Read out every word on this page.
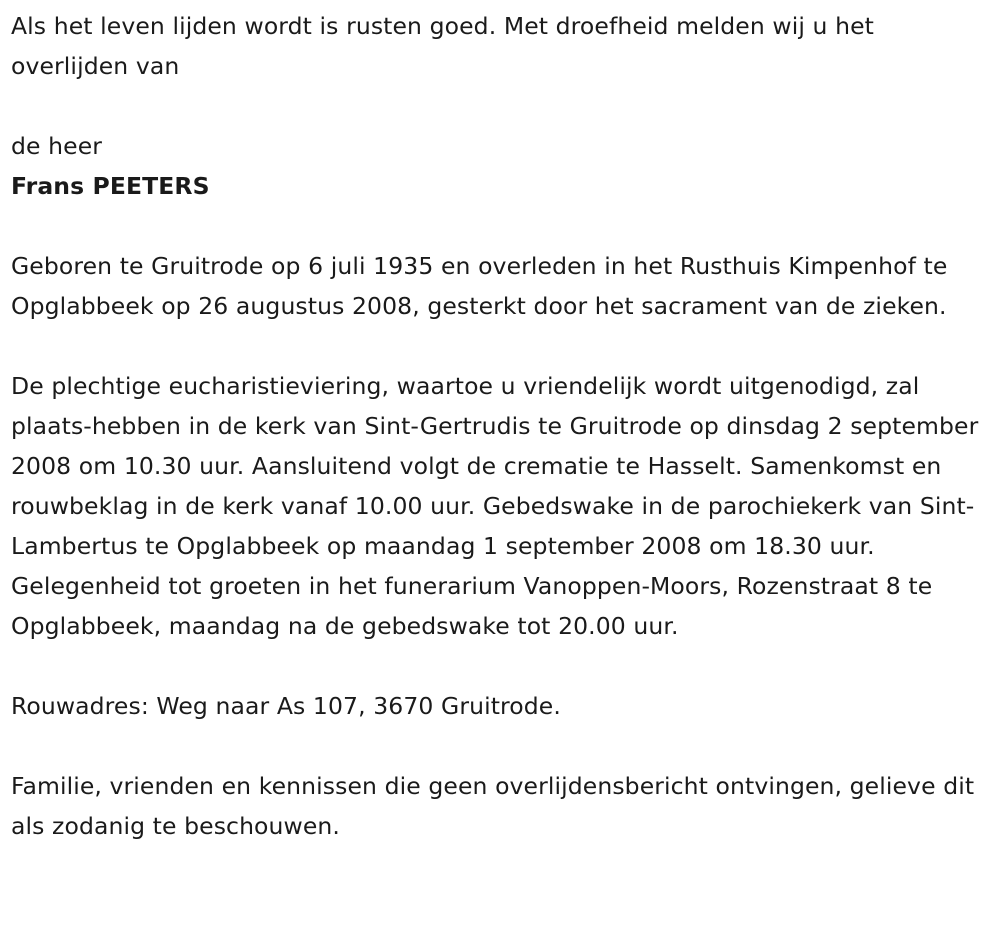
Als het leven lijden wordt is rusten goed. Met droefheid melden wij u het overlijden van

de heer

Frans PEETERS

Geboren te Gruitrode op 6 juli 1935 en overleden in het Rusthuis Kimpenhof te Opglabbeek op 26 augustus 2008, gesterkt door het sacrament van de zieken.

De plechtige eucharistieviering, waartoe u vriendelijk wordt uitgenodigd, zal plaats-hebben in de kerk van Sint-Gertrudis te Gruitrode op dinsdag 2 september 2008 om 10.30 uur. Aansluitend volgt de crematie te Hasselt. Samenkomst en rouwbeklag in de kerk vanaf 10.00 uur. Gebedswake in de parochiekerk van Sint-Lambertus te Opglabbeek op maandag 1 september 2008 om 18.30 uur. Gelegenheid tot groeten in het funerarium Vanoppen-Moors, Rozenstraat 8 te Opglabbeek, maandag na de gebedswake tot 20.00 uur.

Rouwadres: Weg naar As 107, 3670 Gruitrode.

Familie, vrienden en kennissen die geen overlijdensbericht ontvingen, gelieve dit als zodanig te beschouwen.
